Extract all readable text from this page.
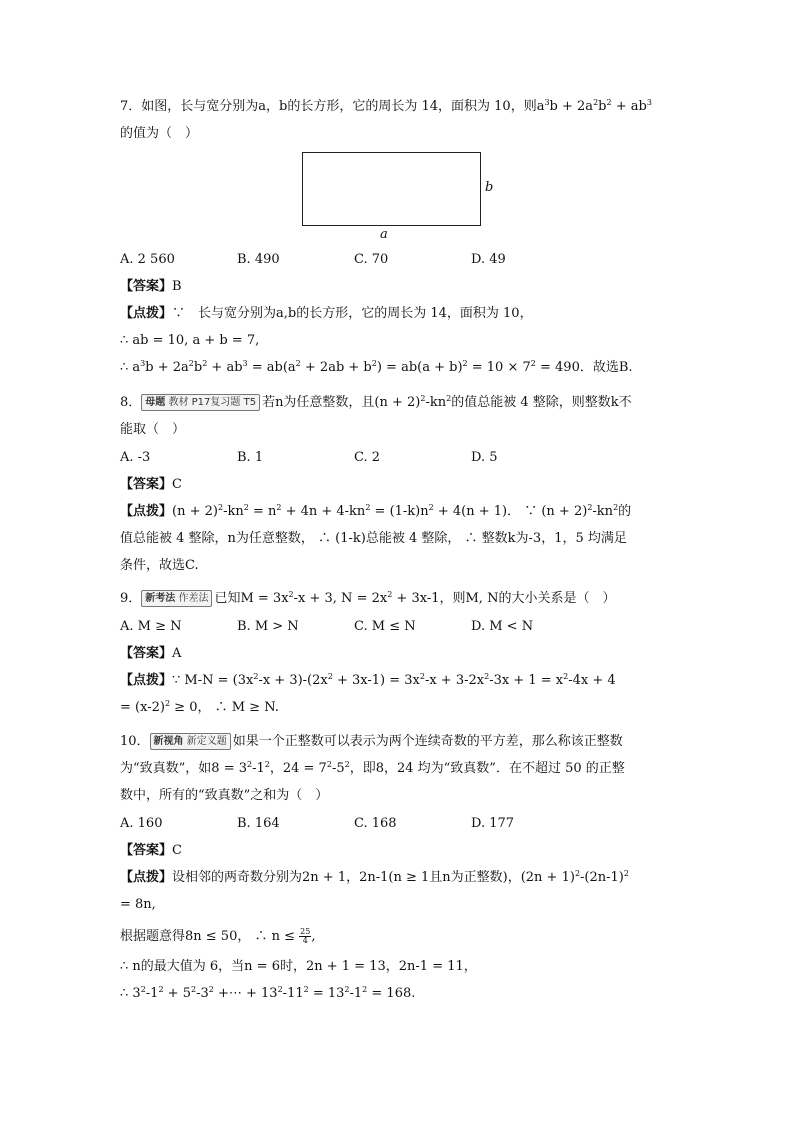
7．如图，长与宽分别为a，b的长方形，它的周长为 14，面积为 10，则$a^3b + 2a^2b^2 + ab^3$
的值为（　）
b
a
A. 2 560	B. 490	C. 70	D. 49
【答案】B
【点拨】∵　长与宽分别为a,b的长方形，它的周长为 14，面积为 10，
∴ ab = 10, a + b = 7,
∴ $a^3b + 2a^2b^2 + ab^3 = ab(a^2 + 2ab + b^2) = ab(a + b)^2 = 10 \times 7^2 = 490$．故选B.
8． 母题 教材 P17复习题 T5 若n为任意整数，且$(n + 2)^2-kn^2$的值总能被 4 整除，则整数k不
能取（　）
A. -3	B. 1	C. 2	D. 5
【答案】C
【点拨】$(n + 2)^2-kn^2 = n^2 + 4n + 4-kn^2 = (1-k)n^2 + 4(n + 1)$． ∵ $(n + 2)^2-kn^2$的
值总能被 4 整除，n为任意整数， ∴ (1-k)总能被 4 整除， ∴ 整数k为-3，1，5 均满足
条件，故选C.
9． 新考法 作差法 已知$M = 3x^2-x + 3$, $N = 2x^2 + 3x-1$，则M, N的大小关系是（　）
A. M ≥ N	B. M > N	C. M ≤ N	D. M < N
【答案】A
【点拨】∵ $M-N = (3x^2-x + 3)-(2x^2 + 3x-1) = 3x^2-x + 3-2x^2-3x + 1 = x^2-4x + 4$
= $(x-2)^2 \ge 0$， ∴ M ≥ N.
10． 新视角 新定义题 如果一个正整数可以表示为两个连续奇数的平方差，那么称该正整数
为“致真数”，如$8 = 3^2-1^2$，$24 = 7^2-5^2$，即8，24 均为“致真数”．在不超过 50 的正整
数中，所有的“致真数”之和为（　）
A. 160	B. 164	C. 168	D. 177
【答案】C
【点拨】设相邻的两奇数分别为2n + 1，2n-1(n ≥ 1且n为正整数)，$(2n + 1)^2-(2n-1)^2$
= 8n,
根据题意得8n ≤ 50， ∴ $n \le \frac{25}{4}$ ,
∴ n的最大值为 6，当n = 6时，2n + 1 = 13，2n-1 = 11，
∴ $3^2-1^2 + 5^2-3^2$ +⋯ + $13^2-11^2 = 13^2-1^2 = 168$.
